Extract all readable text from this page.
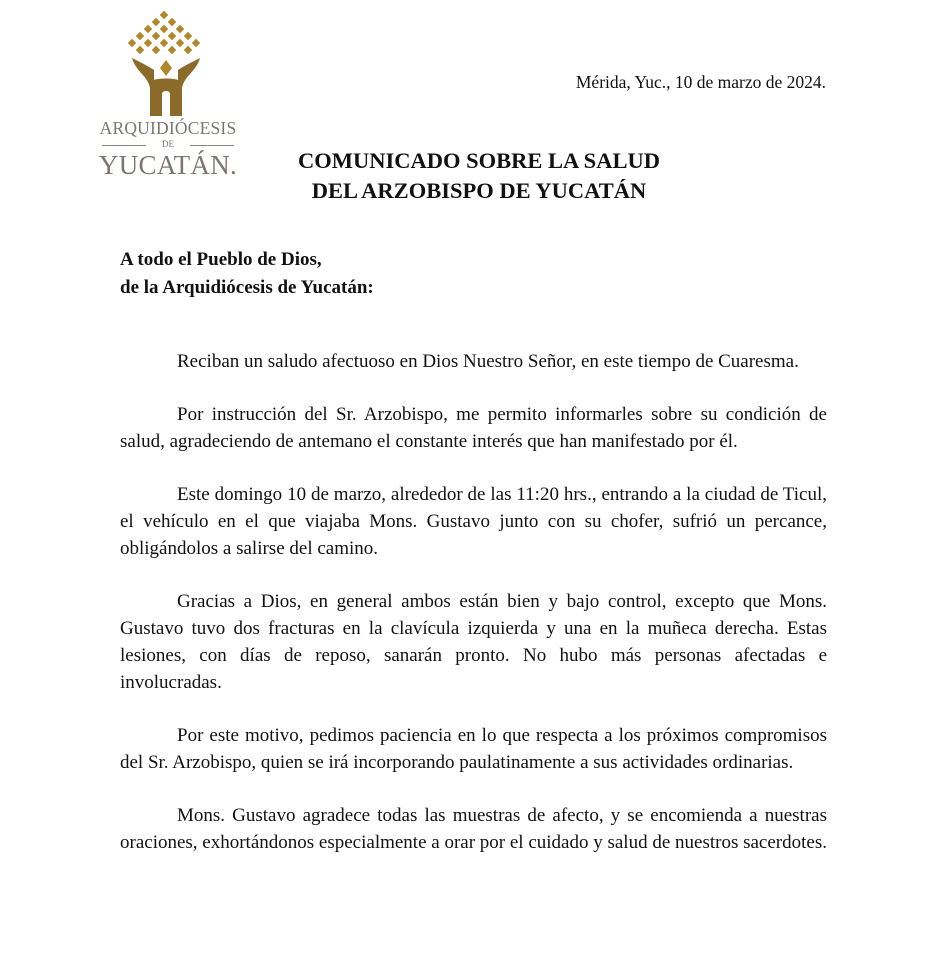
ARQUIDIÓCESIS
DE
YUCATÁN.
Mérida, Yuc., 10 de marzo de 2024.
COMUNICADO SOBRE LA SALUD
DEL ARZOBISPO DE YUCATÁN
A todo el Pueblo de Dios,
de la Arquidiócesis de Yucatán:

Reciban un saludo afectuoso en Dios Nuestro Señor, en este tiempo de Cuaresma.

Por instrucción del Sr. Arzobispo, me permito informarles sobre su condición de salud, agradeciendo de antemano el constante interés que han manifestado por él.

Este domingo 10 de marzo, alrededor de las 11:20 hrs., entrando a la ciudad de Ticul, el vehículo en el que viajaba Mons. Gustavo junto con su chofer, sufrió un percance, obligándolos a salirse del camino.

Gracias a Dios, en general ambos están bien y bajo control, excepto que Mons. Gustavo tuvo dos fracturas en la clavícula izquierda y una en la muñeca derecha. Estas lesiones, con días de reposo, sanarán pronto. No hubo más personas afectadas e involucradas.

Por este motivo, pedimos paciencia en lo que respecta a los próximos compromisos del Sr. Arzobispo, quien se irá incorporando paulatinamente a sus actividades ordinarias.

Mons. Gustavo agradece todas las muestras de afecto, y se encomienda a nuestras oraciones, exhortándonos especialmente a orar por el cuidado y salud de nuestros sacerdotes.
